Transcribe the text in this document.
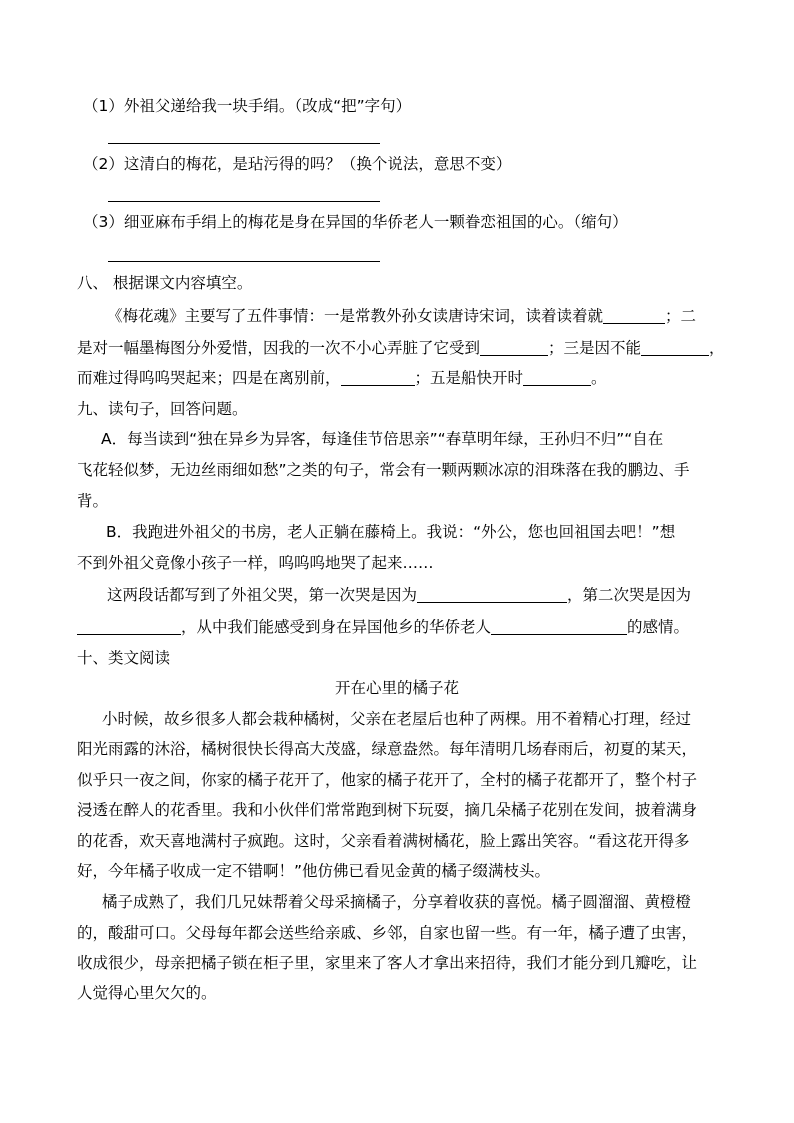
（1）外祖父递给我一块手绢。（改成“把”字句）
（2）这清白的梅花，是玷污得的吗？（换个说法，意思不变）
（3）细亚麻布手绢上的梅花是身在异国的华侨老人一颗眷恋祖国的心。（缩句）
八、 根据课文内容填空。
《梅花魂》主要写了五件事情：一是常教外孙女读唐诗宋词，读着读着就	；二
是对一幅墨梅图分外爱惜，因我的一次不小心弄脏了它受到	；三是因不能	，
而难过得呜呜哭起来；四是在离别前，	；五是船快开时	。
九、读句子，回答问题。
A．每当读到“独在异乡为异客，每逢佳节倍思亲”“春草明年绿，王孙归不归”“自在
飞花轻似梦，无边丝雨细如愁”之类的句子，常会有一颗两颗冰凉的泪珠落在我的鹏边、手
背。
B．我跑进外祖父的书房，老人正躺在藤椅上。我说：“外公，您也回祖国去吧！”想
不到外祖父竟像小孩子一样，呜呜呜地哭了起来……
这两段话都写到了外祖父哭，第一次哭是因为	，第二次哭是因为
，从中我们能感受到身在异国他乡的华侨老人	的感情。
十、类文阅读
开在心里的橘子花
小时候，故乡很多人都会栽种橘树，父亲在老屋后也种了两棵。用不着精心打理，经过
阳光雨露的沐浴，橘树很快长得高大茂盛，绿意盎然。每年清明几场春雨后，初夏的某天，
似乎只一夜之间，你家的橘子花开了，他家的橘子花开了，全村的橘子花都开了，整个村子
浸透在醉人的花香里。我和小伙伴们常常跑到树下玩耍，摘几朵橘子花别在发间，披着满身
的花香，欢天喜地满村子疯跑。这时，父亲看着满树橘花，脸上露出笑容。“看这花开得多
好，今年橘子收成一定不错啊！”他仿佛已看见金黄的橘子缀满枝头。
橘子成熟了，我们几兄妹帮着父母采摘橘子，分享着收获的喜悦。橘子圆溜溜、黄橙橙
的，酸甜可口。父母每年都会送些给亲戚、乡邻，自家也留一些。有一年，橘子遭了虫害，
收成很少，母亲把橘子锁在柜子里，家里来了客人才拿出来招待，我们才能分到几瓣吃，让
人觉得心里欠欠的。
